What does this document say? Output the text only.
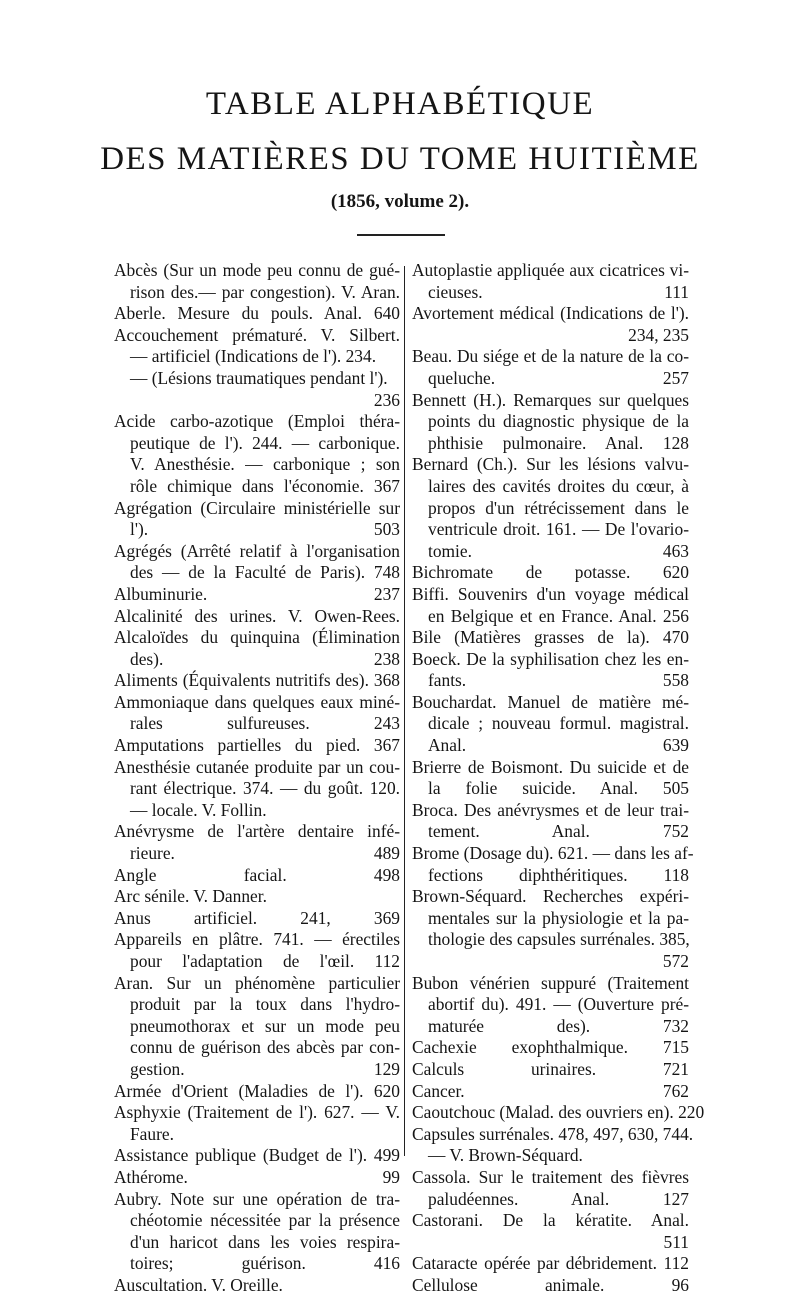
TABLE ALPHABÉTIQUE
DES MATIÈRES DU TOME HUITIÈME
(1856, volume 2).
Abcès (Sur un mode peu connu de gué-
rison des.— par congestion). V. Aran.
Aberle. Mesure du pouls. Anal. 640
Accouchement prématuré. V. Silbert.
— artificiel (Indications de l'). 234.
— (Lésions traumatiques pendant l').
236
Acide carbo-azotique (Emploi théra-
peutique de l'). 244. — carbonique.
V. Anesthésie. — carbonique ; son
rôle chimique dans l'économie. 367
Agrégation (Circulaire ministérielle sur
l'). 503
Agrégés (Arrêté relatif à l'organisation
des — de la Faculté de Paris). 748
Albuminurie. 237
Alcalinité des urines. V. Owen-Rees.
Alcaloïdes du quinquina (Élimination
des). 238
Aliments (Équivalents nutritifs des). 368
Ammoniaque dans quelques eaux miné-
rales sulfureuses. 243
Amputations partielles du pied. 367
Anesthésie cutanée produite par un cou-
rant électrique. 374. — du goût. 120.
— locale. V. Follin.
Anévrysme de l'artère dentaire infé-
rieure. 489
Angle facial. 498
Arc sénile. V. Danner.
Anus artificiel. 241, 369
Appareils en plâtre. 741. — érectiles
pour l'adaptation de l'œil. 112
Aran. Sur un phénomène particulier
produit par la toux dans l'hydro-
pneumothorax et sur un mode peu
connu de guérison des abcès par con-
gestion. 129
Armée d'Orient (Maladies de l'). 620
Asphyxie (Traitement de l'). 627. — V.
Faure.
Assistance publique (Budget de l'). 499
Athérome. 99
Aubry. Note sur une opération de tra-
chéotomie nécessitée par la présence
d'un haricot dans les voies respira-
toires; guérison. 416
Auscultation. V. Oreille.
Autoplastie appliquée aux cicatrices vi-
cieuses. 111
Avortement médical (Indications de l').
234, 235
Beau. Du siége et de la nature de la co-
queluche. 257
Bennett (H.). Remarques sur quelques
points du diagnostic physique de la
phthisie pulmonaire. Anal. 128
Bernard (Ch.). Sur les lésions valvu-
laires des cavités droites du cœur, à
propos d'un rétrécissement dans le
ventricule droit. 161. — De l'ovario-
tomie. 463
Bichromate de potasse. 620
Biffi. Souvenirs d'un voyage médical
en Belgique et en France. Anal. 256
Bile (Matières grasses de la). 470
Boeck. De la syphilisation chez les en-
fants. 558
Bouchardat. Manuel de matière mé-
dicale ; nouveau formul. magistral.
Anal. 639
Brierre de Boismont. Du suicide et de
la folie suicide. Anal. 505
Broca. Des anévrysmes et de leur trai-
tement. Anal. 752
Brome (Dosage du). 621. — dans les af-
fections diphthéritiques. 118
Brown-Séquard. Recherches expéri-
mentales sur la physiologie et la pa-
thologie des capsules surrénales. 385,
572
Bubon vénérien suppuré (Traitement
abortif du). 491. — (Ouverture pré-
maturée des). 732
Cachexie exophthalmique. 715
Calculs urinaires. 721
Cancer. 762
Caoutchouc (Malad. des ouvriers en). 220
Capsules surrénales. 478, 497, 630, 744.
— V. Brown-Séquard.
Cassola. Sur le traitement des fièvres
paludéennes. Anal. 127
Castorani. De la kératite. Anal.
511
Cataracte opérée par débridement. 112
Cellulose animale. 96
